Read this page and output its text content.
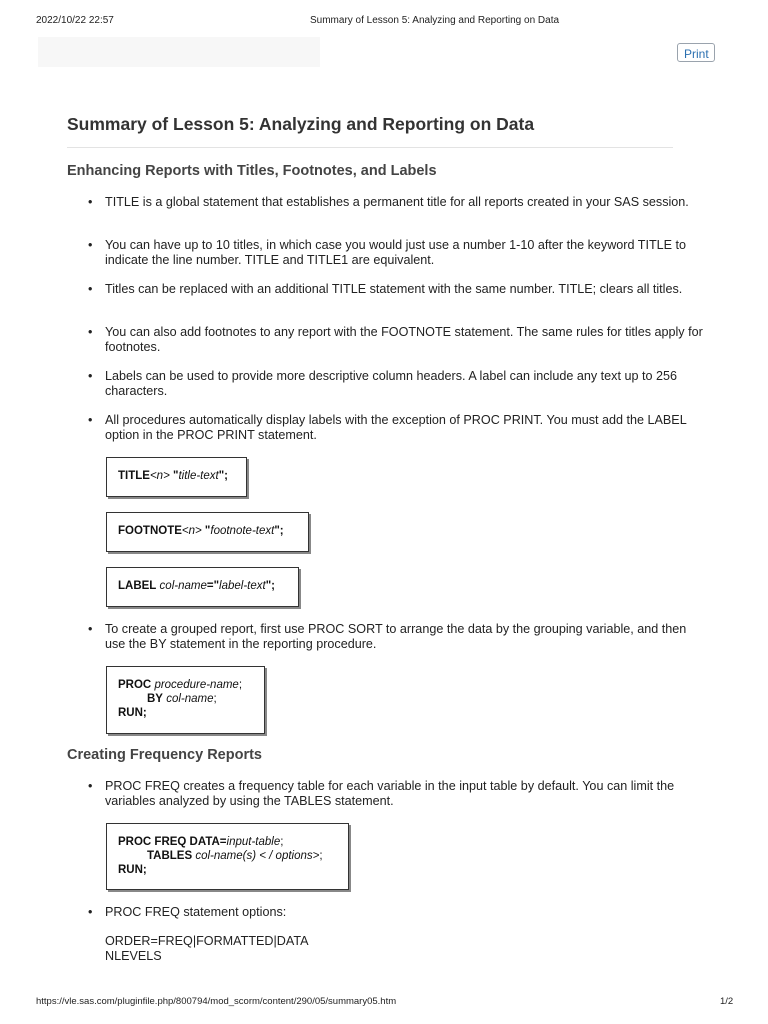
2022/10/22 22:57	Summary of Lesson 5: Analyzing and Reporting on Data
Print
Summary of Lesson 5: Analyzing and Reporting on Data
Enhancing Reports with Titles, Footnotes, and Labels
• TITLE is a global statement that establishes a permanent title for all reports created in your SAS session.
• You can have up to 10 titles, in which case you would just use a number 1-10 after the keyword TITLE to indicate the line number. TITLE and TITLE1 are equivalent.
• Titles can be replaced with an additional TITLE statement with the same number. TITLE; clears all titles.
• You can also add footnotes to any report with the FOOTNOTE statement. The same rules for titles apply for footnotes.
• Labels can be used to provide more descriptive column headers. A label can include any text up to 256 characters.
• All procedures automatically display labels with the exception of PROC PRINT. You must add the LABEL option in the PROC PRINT statement.
TITLE<n> "title-text";
FOOTNOTE<n> "footnote-text";
LABEL col-name="label-text";
• To create a grouped report, first use PROC SORT to arrange the data by the grouping variable, and then use the BY statement in the reporting procedure.
PROC procedure-name;
BY col-name;
RUN;
Creating Frequency Reports
• PROC FREQ creates a frequency table for each variable in the input table by default. You can limit the variables analyzed by using the TABLES statement.
PROC FREQ DATA=input-table;
TABLES col-name(s) < / options>;
RUN;
• PROC FREQ statement options:
ORDER=FREQ|FORMATTED|DATA
NLEVELS
https://vle.sas.com/pluginfile.php/800794/mod_scorm/content/290/05/summary05.htm	1/2
